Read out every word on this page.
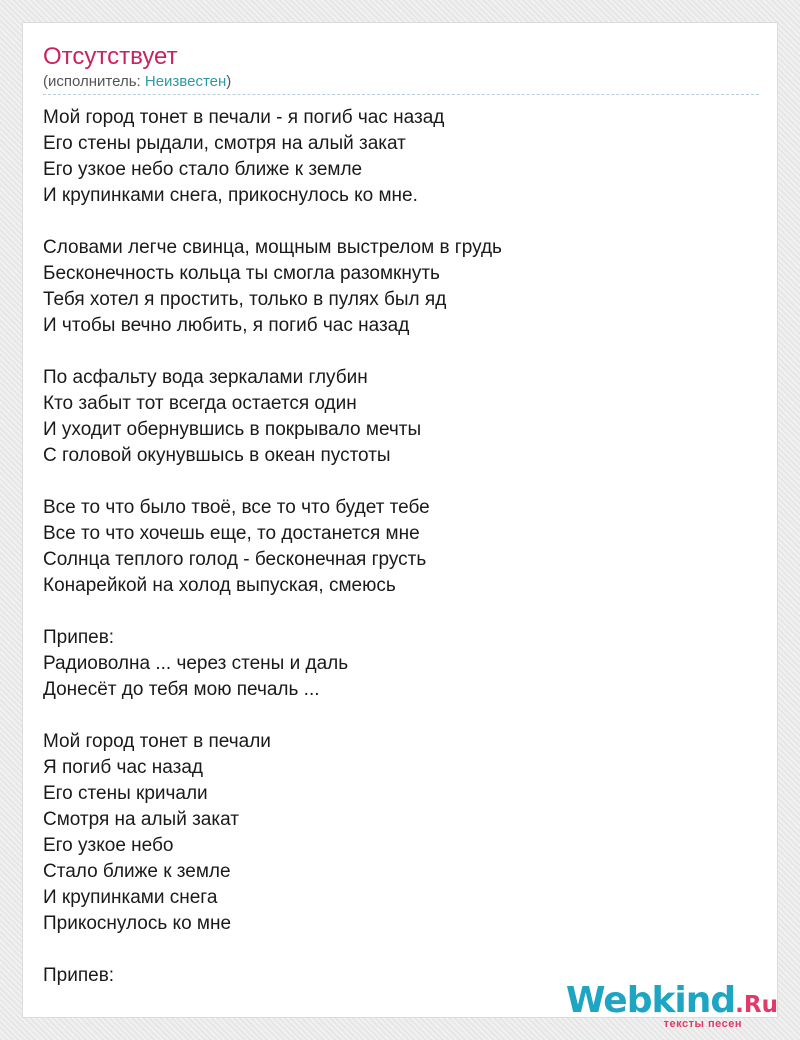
Отсутствует
(исполнитель: Неизвестен)
Мой город тонет в печали - я погиб час назад
Его стены рыдали, смотря на алый закат
Его узкое небо стало ближе к земле
И крупинками снега, прикоснулось ко мне.
Словами легче свинца, мощным выстрелом в грудь
Бесконечность кольца ты смогла разомкнуть
Тебя хотел я простить, только в пулях был яд
И чтобы вечно любить, я погиб час назад
По асфальту вода зеркалами глубин
Кто забыт тот всегда остается один
И уходит обернувшись в покрывало мечты
С головой окунувшысь в океан пустоты
Все то что было твоё, все то что будет тебе
Все то что хочешь еще, то достанется мне
Солнца теплого голод - бесконечная грусть
Конарейкой на холод выпуская, смеюсь
Припев:
Радиоволна ... через стены и даль
Донесёт до тебя мою печаль ...
Мой город тонет в печали
Я погиб час назад
Его стены кричали
Смотря на алый закат
Его узкое небо
Стало ближе к земле
И крупинками снега
Прикоснулось ко мне
Припев:
Webkind.Ru
тексты песен
